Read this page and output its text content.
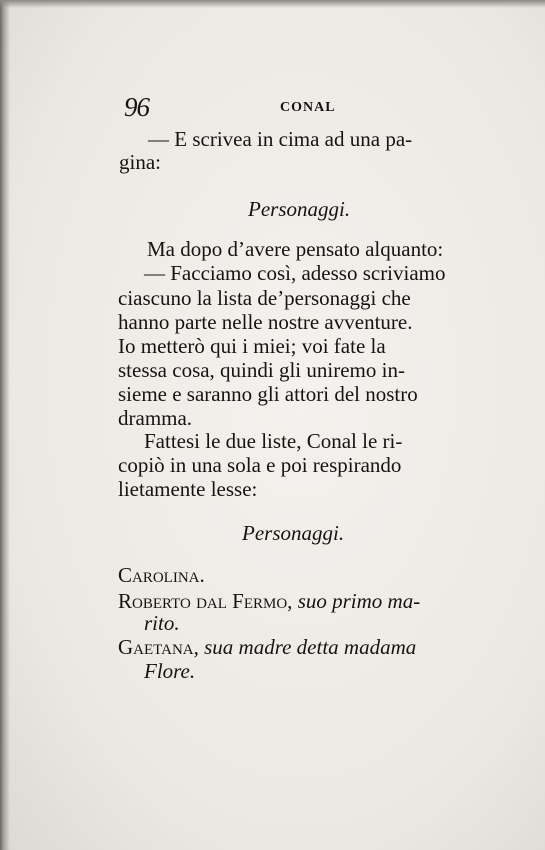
96	CONAL
— E scrivea in cima ad una pa-
gina:
Personaggi.
Ma dopo d’avere pensato alquanto:
— Facciamo così, adesso scriviamo
ciascuno la lista de’personaggi che
hanno parte nelle nostre avventure.
Io metterò qui i miei; voi fate la
stessa cosa, quindi gli uniremo in-
sieme e saranno gli attori del nostro
dramma.
Fattesi le due liste, Conal le ri-
copiò in una sola e poi respirando
lietamente lesse:
Personaggi.
Carolina.
Roberto dal Fermo, suo primo ma-
rito.
Gaetana, sua madre detta madama
Flore.
